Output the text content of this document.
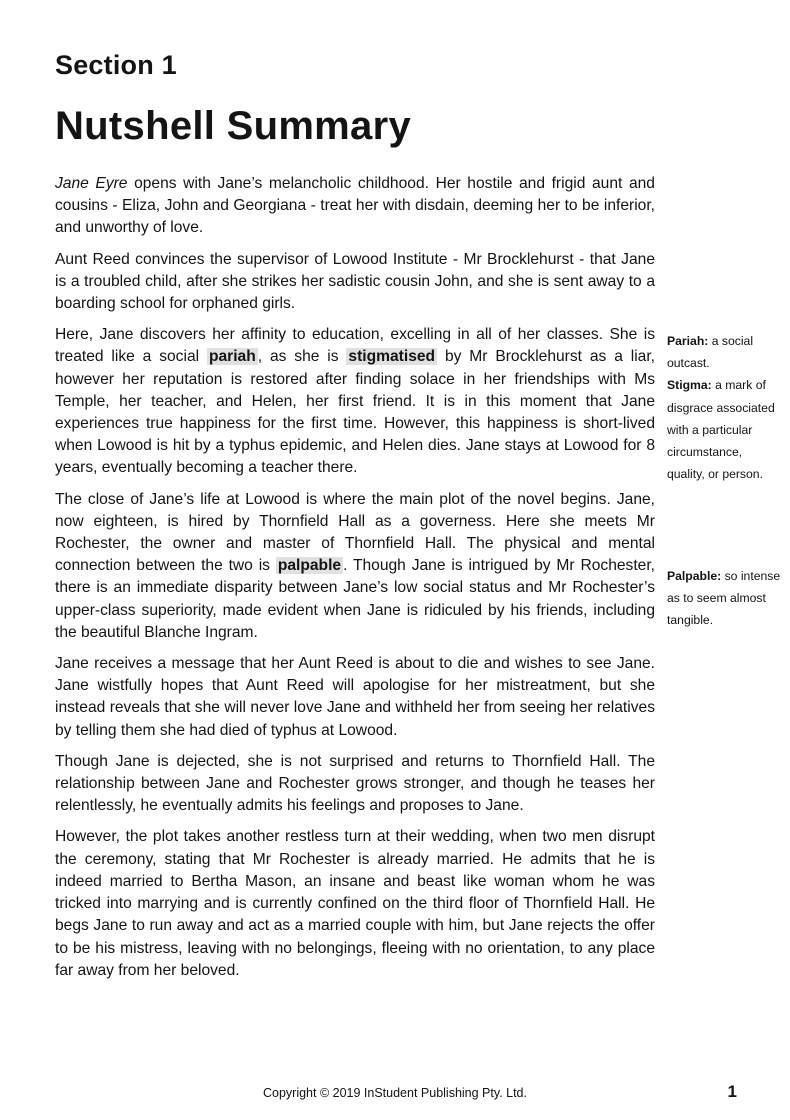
Section 1
Nutshell Summary

Jane Eyre opens with Jane’s melancholic childhood. Her hostile and frigid aunt and cousins - Eliza, John and Georgiana - treat her with disdain, deeming her to be inferior, and unworthy of love.

Aunt Reed convinces the supervisor of Lowood Institute - Mr Brocklehurst - that Jane is a troubled child, after she strikes her sadistic cousin John, and she is sent away to a boarding school for orphaned girls.

Here, Jane discovers her affinity to education, excelling in all of her classes. She is treated like a social pariah , as she is stigmatised by Mr Brocklehurst as a liar, however her reputation is restored after finding solace in her friendships with Ms Temple, her teacher, and Helen, her first friend. It is in this moment that Jane experiences true happiness for the first time. However, this happiness is short-lived when Lowood is hit by a typhus epidemic, and Helen dies. Jane stays at Lowood for 8 years, eventually becoming a teacher there.

The close of Jane’s life at Lowood is where the main plot of the novel begins. Jane, now eighteen, is hired by Thornfield Hall as a governess. Here she meets Mr Rochester, the owner and master of Thornfield Hall. The physical and mental connection between the two is palpable . Though Jane is intrigued by Mr Rochester, there is an immediate disparity between Jane’s low social status and Mr Rochester’s upper-class superiority, made evident when Jane is ridiculed by his friends, including the beautiful Blanche Ingram.

Jane receives a message that her Aunt Reed is about to die and wishes to see Jane. Jane wistfully hopes that Aunt Reed will apologise for her mistreatment, but she instead reveals that she will never love Jane and withheld her from seeing her relatives by telling them she had died of typhus at Lowood.

Though Jane is dejected, she is not surprised and returns to Thornfield Hall. The relationship between Jane and Rochester grows stronger, and though he teases her relentlessly, he eventually admits his feelings and proposes to Jane.

However, the plot takes another restless turn at their wedding, when two men disrupt the ceremony, stating that Mr Rochester is already married. He admits that he is indeed married to Bertha Mason, an insane and beast like woman whom he was tricked into marrying and is currently confined on the third floor of Thornfield Hall. He begs Jane to run away and act as a married couple with him, but Jane rejects the offer to be his mistress, leaving with no belongings, fleeing with no orientation, to any place far away from her beloved.

Pariah: a social outcast.
Stigma: a mark of disgrace associated with a particular circumstance, quality, or person.
Palpable: so intense as to seem almost tangible.
Copyright © 2019 InStudent Publishing Pty. Ltd.	1
